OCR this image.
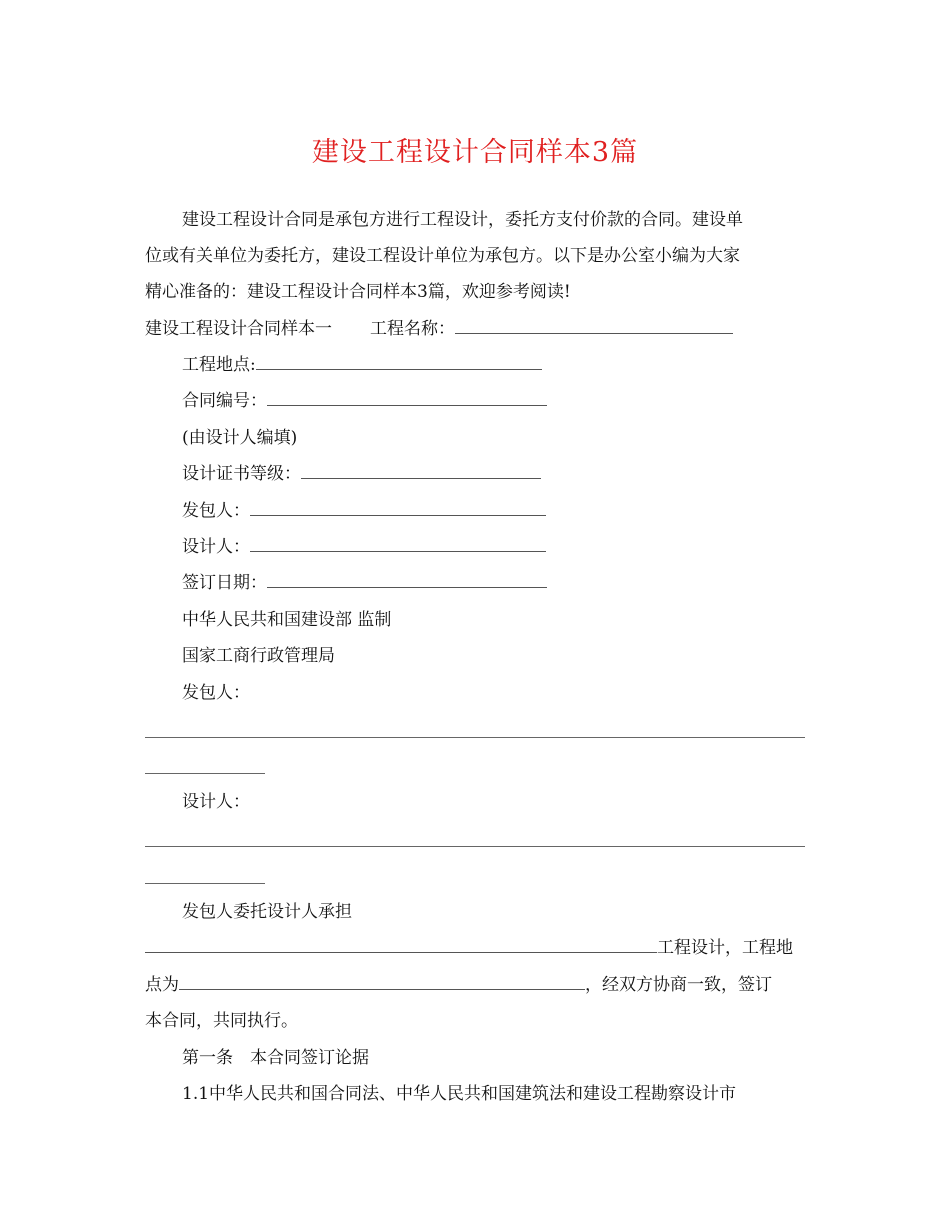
建设工程设计合同样本3篇
建设工程设计合同是承包方进行工程设计，委托方支付价款的合同。建设单
位或有关单位为委托方，建设工程设计单位为承包方。以下是办公室小编为大家
精心准备的：建设工程设计合同样本3篇，欢迎参考阅读!
建设工程设计合同样本一 工程名称：
工程地点:
合同编号：
(由设计人编填)
设计证书等级：
发包人：
设计人：
签订日期：
中华人民共和国建设部 监制
国家工商行政管理局
发包人：
设计人：
发包人委托设计人承担
工程设计，工程地
点为	，经双方协商一致，签订
本合同，共同执行。
第一条　本合同签订论据
1.1中华人民共和国合同法、中华人民共和国建筑法和建设工程勘察设计市
